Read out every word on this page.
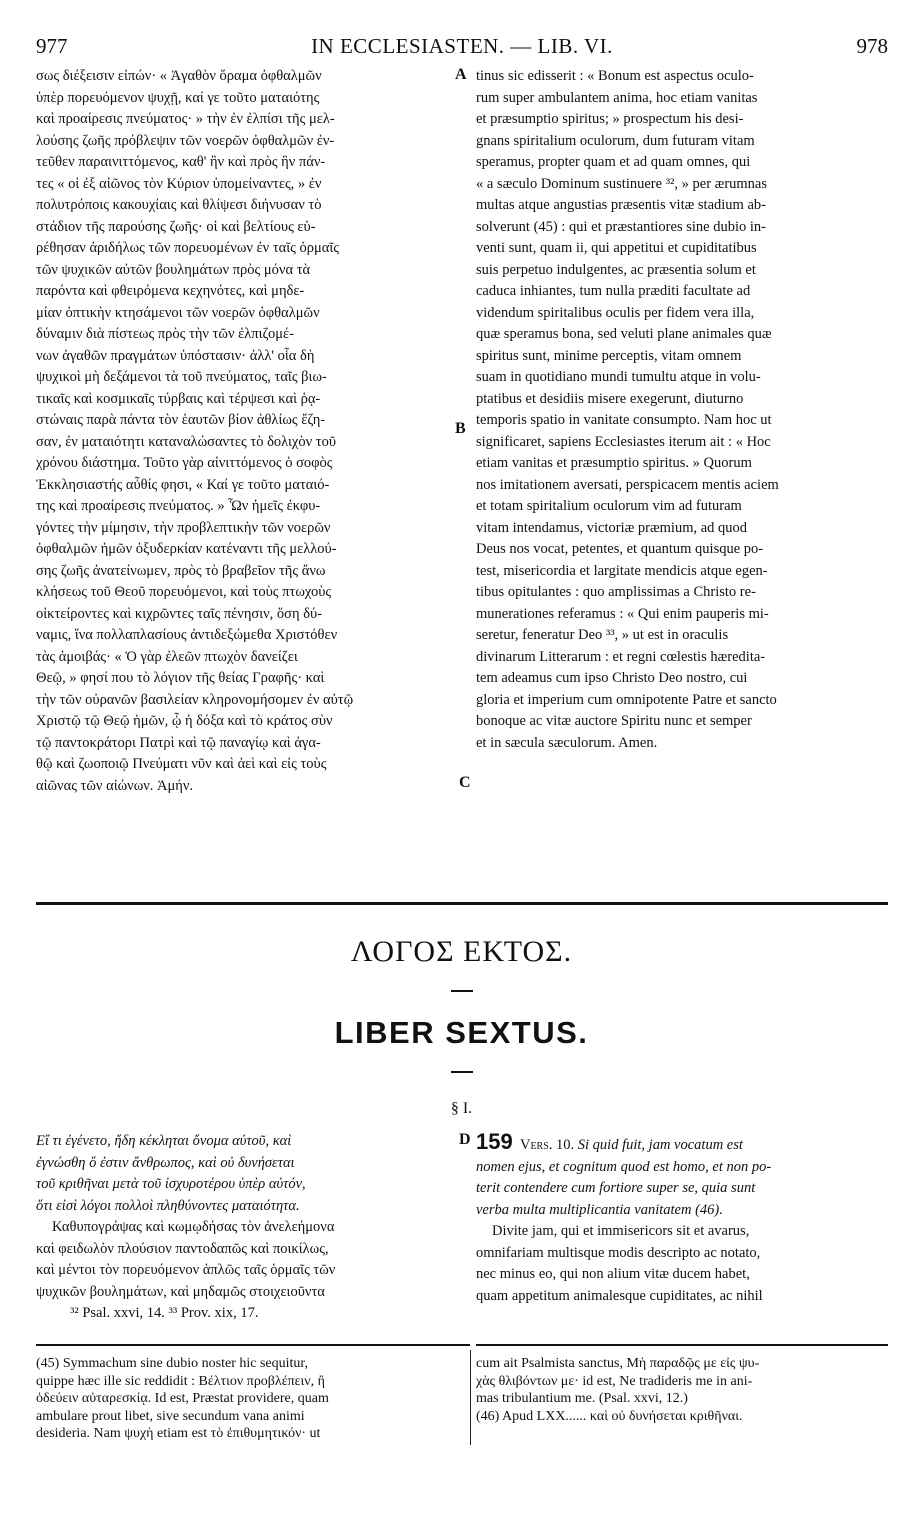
977	IN ECCLESIASTEN. — LIB. VI.	978
σως διέξεισιν εἰπών· « Ἀγαθὸν ὅραμα ὀφθαλμῶν
ὑπὲρ πορευόμενον ψυχῇ, καί γε τοῦτο ματαιότης
καὶ προαίρεσις πνεύματος· » τὴν ἐν ἐλπίσι τῆς μελ-
λούσης ζωῆς πρόβλεψιν τῶν νοερῶν ὀφθαλμῶν ἐν-
τεῦθεν παραινιττόμενος, καθ' ἣν καὶ πρὸς ἣν πάν-
τες « οἱ ἐξ αἰῶνος τὸν Κύριον ὑπομείναντες, » ἐν
πολυτρόποις κακουχίαις καὶ θλίψεσι διήνυσαν τὸ
στάδιον τῆς παρούσης ζωῆς· οἱ καὶ βελτίους εὑ-
ρέθησαν ἀριδήλως τῶν πορευομένων ἐν ταῖς ὁρμαῖς
τῶν ψυχικῶν αὐτῶν βουλημάτων πρὸς μόνα τὰ
παρόντα καὶ φθειρόμενα κεχηνότες, καὶ μηδε-
μίαν ὀπτικὴν κτησάμενοι τῶν νοερῶν ὀφθαλμῶν
δύναμιν διὰ πίστεως πρὸς τὴν τῶν ἐλπιζομέ-
νων ἀγαθῶν πραγμάτων ὑπόστασιν· ἀλλ' οἷα δὴ
ψυχικοὶ μὴ δεξάμενοι τὰ τοῦ πνεύματος, ταῖς βιω-
τικαῖς καὶ κοσμικαῖς τύρβαις καὶ τέρψεσι καὶ ῥᾳ-
στώναις παρὰ πάντα τὸν ἑαυτῶν βίον ἀθλίως ἔζη-
σαν, ἐν ματαιότητι καταναλώσαντες τὸ δολιχὸν τοῦ
χρόνου διάστημα. Τοῦτο γὰρ αἰνιττόμενος ὁ σοφὸς
Ἐκκλησιαστής αὖθίς φησι, « Καί γε τοῦτο ματαιό-
της καὶ προαίρεσις πνεύματος. » Ὧν ἡμεῖς ἐκφυ-
γόντες τὴν μίμησιν, τὴν προβλεπτικὴν τῶν νοερῶν
ὀφθαλμῶν ἡμῶν ὀξυδερκίαν κατέναντι τῆς μελλού-
σης ζωῆς ἀνατείνωμεν, πρὸς τὸ βραβεῖον τῆς ἄνω
κλήσεως τοῦ Θεοῦ πορευόμενοι, καὶ τοὺς πτωχοὺς
οἰκτείροντες καὶ κιχρῶντες ταῖς πένησιν, ὅση δύ-
ναμις, ἵνα πολλαπλασίους ἀντιδεξώμεθα Χριστόθεν
τὰς ἀμοιβάς· « Ὁ γὰρ ἐλεῶν πτωχὸν δανείζει
Θεῷ, » φησί που τὸ λόγιον τῆς θείας Γραφῆς· καὶ
τὴν τῶν οὐρανῶν βασιλείαν κληρονομήσομεν ἐν αὐτῷ
Χριστῷ τῷ Θεῷ ἡμῶν, ᾧ ἡ δόξα καὶ τὸ κράτος σὺν
τῷ παντοκράτορι Πατρὶ καὶ τῷ παναγίῳ καὶ ἀγα-
θῷ καὶ ζωοποιῷ Πνεύματι νῦν καὶ ἀεὶ καὶ εἰς τοὺς
αἰῶνας τῶν αἰώνων. Ἀμήν.
tinus sic edisserit : « Bonum est aspectus oculo-
rum super ambulantem anima, hoc etiam vanitas
et præsumptio spiritus; » prospectum his desi-
gnans spiritalium oculorum, dum futuram vitam
speramus, propter quam et ad quam omnes, qui
« a sæculo Dominum sustinuere ³², » per ærumnas
multas atque angustias præsentis vitæ stadium ab-
solverunt (45) : qui et præstantiores sine dubio in-
venti sunt, quam ii, qui appetitui et cupiditatibus
suis perpetuo indulgentes, ac præsentia solum et
caduca inhiantes, tum nulla præditi facultate ad
videndum spiritalibus oculis per fidem vera illa,
quæ speramus bona, sed veluti plane animales quæ
spiritus sunt, minime perceptis, vitam omnem
suam in quotidiano mundi tumultu atque in volu-
ptatibus et desidiis misere exegerunt, diuturno
temporis spatio in vanitate consumpto. Nam hoc ut
significaret, sapiens Ecclesiastes iterum ait : « Hoc
etiam vanitas et præsumptio spiritus. » Quorum
nos imitationem aversati, perspicacem mentis aciem
et totam spiritalium oculorum vim ad futuram
vitam intendamus, victoriæ præmium, ad quod
Deus nos vocat, petentes, et quantum quisque po-
test, misericordia et largitate mendicis atque egen-
tibus opitulantes : quo amplissimas a Christo re-
munerationes referamus : « Qui enim pauperis mi-
seretur, feneratur Deo ³³, » ut est in oraculis
divinarum Litterarum : et regni cœlestis hæredita-
tem adeamus cum ipso Christo Deo nostro, cui
gloria et imperium cum omnipotente Patre et sancto
bonoque ac vitæ auctore Spiritu nunc et semper
et in sæcula sæculorum. Amen.
A
B
C
D
ΛΟΓΟΣ ΕΚΤΟΣ.
LIBER SEXTUS.
§ I.
Εἴ τι ἐγένετο, ἤδη κέκληται ὄνομα αὐτοῦ, καὶ
ἐγνώσθη ὅ ἐστιν ἄνθρωπος, καὶ οὐ δυνήσεται
τοῦ κριθῆναι μετὰ τοῦ ἰσχυροτέρου ὑπὲρ αὐτόν,
ὅτι εἰσὶ λόγοι πολλοὶ πληθύνοντες ματαιότητα.
Καθυπογράψας καὶ κωμῳδήσας τὸν ἀνελεήμονα
καὶ φειδωλὸν πλούσιον παντοδαπῶς καὶ ποικίλως,
καὶ μέντοι τὸν πορευόμενον ἁπλῶς ταῖς ὁρμαῖς τῶν
ψυχικῶν βουλημάτων, καὶ μηδαμῶς στοιχειοῦντα
159 Vers. 10. Si quid fuit, jam vocatum est
nomen ejus, et cognitum quod est homo, et non po-
terit contendere cum fortiore super se, quia sunt
verba multa multiplicantia vanitatem (46).
Divite jam, qui et immisericors sit et avarus,
omnifariam multisque modis descripto ac notato,
nec minus eo, qui non alium vitæ ducem habet,
quam appetitum animalesque cupiditates, ac nihil
³² Psal. xxvi, 14. ³³ Prov. xix, 17.
(45) Symmachum sine dubio noster hic sequitur,
quippe hæc ille sic reddidit : Βέλτιον προβλέπειν, ἢ
ὁδεύειν αὐταρεσκίᾳ. Id est, Præstat providere, quam
ambulare prout libet, sive secundum vana animi
desideria. Nam ψυχὴ etiam est τὸ ἐπιθυμητικόν· ut
cum ait Psalmista sanctus, Μὴ παραδῷς με εἰς ψυ-
χὰς θλιβόντων με· id est, Ne tradideris me in ani-
mas tribulantium me. (Psal. xxvi, 12.)
(46) Apud LXX...... καὶ οὐ δυνήσεται κριθῆναι.
